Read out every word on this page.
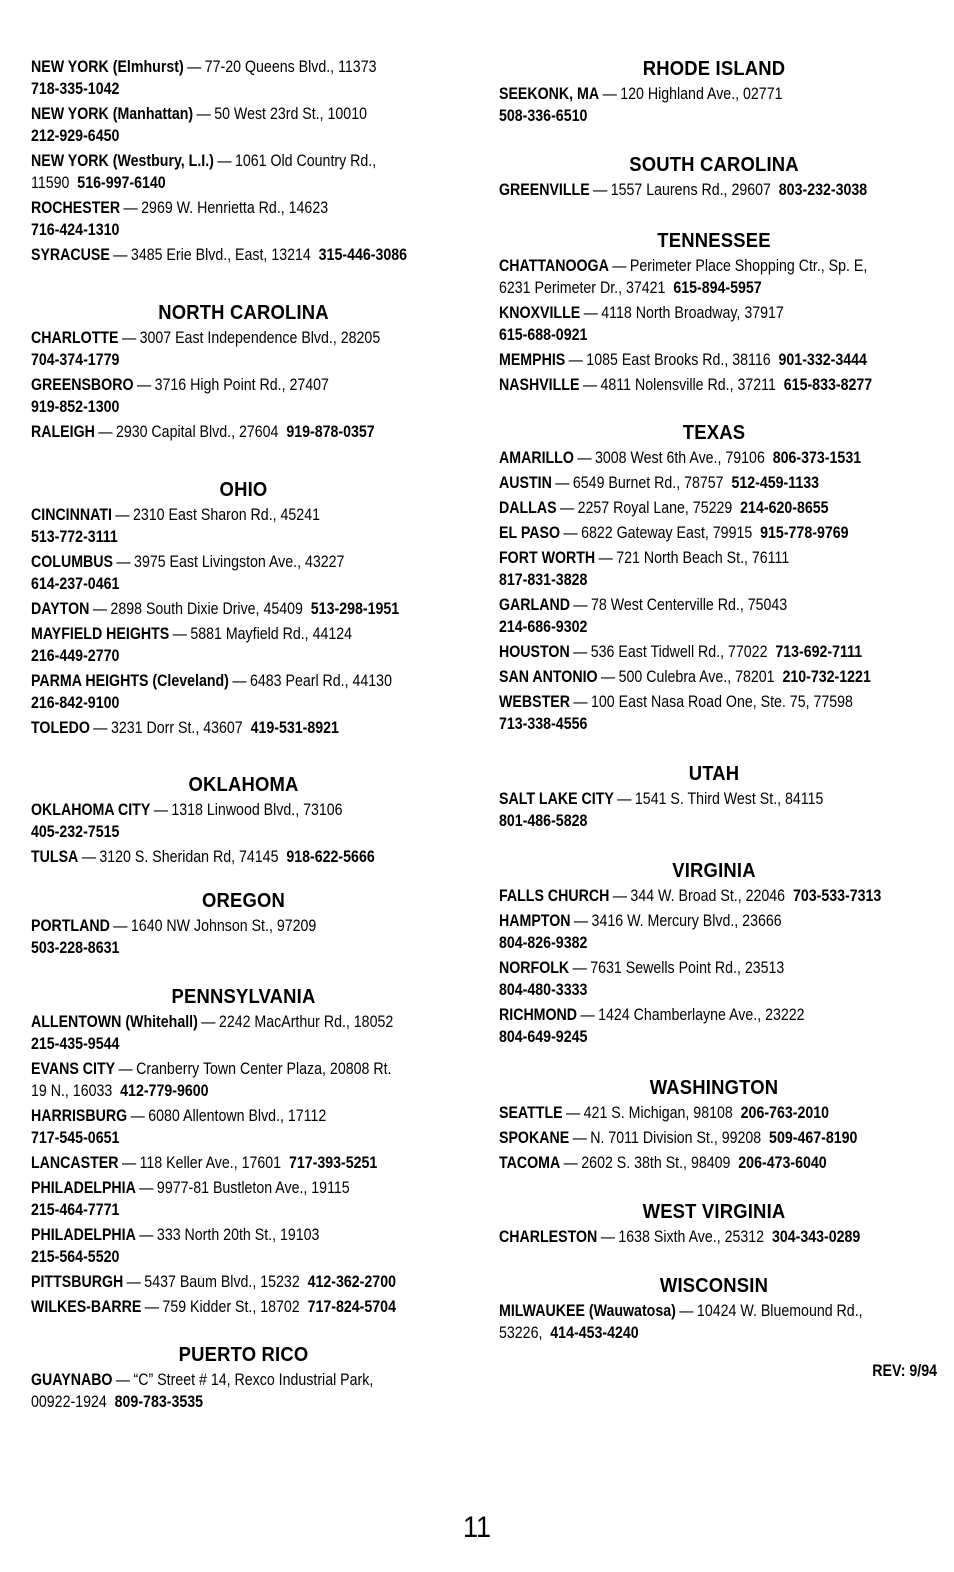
NEW YORK (Elmhurst) — 77-20 Queens Blvd., 11373
718-335-1042
NEW YORK (Manhattan) — 50 West 23rd St., 10010
212-929-6450
NEW YORK (Westbury, L.I.) — 1061 Old Country Rd.,
11590 516-997-6140
ROCHESTER — 2969 W. Henrietta Rd., 14623
716-424-1310
SYRACUSE — 3485 Erie Blvd., East, 13214 315-446-3086
NORTH CAROLINA
CHARLOTTE — 3007 East Independence Blvd., 28205
704-374-1779
GREENSBORO — 3716 High Point Rd., 27407
919-852-1300
RALEIGH — 2930 Capital Blvd., 27604 919-878-0357
OHIO
CINCINNATI — 2310 East Sharon Rd., 45241
513-772-3111
COLUMBUS — 3975 East Livingston Ave., 43227
614-237-0461
DAYTON — 2898 South Dixie Drive, 45409 513-298-1951
MAYFIELD HEIGHTS — 5881 Mayfield Rd., 44124
216-449-2770
PARMA HEIGHTS (Cleveland) — 6483 Pearl Rd., 44130
216-842-9100
TOLEDO — 3231 Dorr St., 43607 419-531-8921
OKLAHOMA
OKLAHOMA CITY — 1318 Linwood Blvd., 73106
405-232-7515
TULSA — 3120 S. Sheridan Rd, 74145 918-622-5666
OREGON
PORTLAND — 1640 NW Johnson St., 97209
503-228-8631
PENNSYLVANIA
ALLENTOWN (Whitehall) — 2242 MacArthur Rd., 18052
215-435-9544
EVANS CITY — Cranberry Town Center Plaza, 20808 Rt.
19 N., 16033 412-779-9600
HARRISBURG — 6080 Allentown Blvd., 17112
717-545-0651
LANCASTER — 118 Keller Ave., 17601 717-393-5251
PHILADELPHIA — 9977-81 Bustleton Ave., 19115
215-464-7771
PHILADELPHIA — 333 North 20th St., 19103
215-564-5520
PITTSBURGH — 5437 Baum Blvd., 15232 412-362-2700
WILKES-BARRE — 759 Kidder St., 18702 717-824-5704
PUERTO RICO
GUAYNABO — “C” Street # 14, Rexco Industrial Park,
00922-1924 809-783-3535
RHODE ISLAND
SEEKONK, MA — 120 Highland Ave., 02771
508-336-6510
SOUTH CAROLINA
GREENVILLE — 1557 Laurens Rd., 29607 803-232-3038
TENNESSEE
CHATTANOOGA — Perimeter Place Shopping Ctr., Sp. E,
6231 Perimeter Dr., 37421 615-894-5957
KNOXVILLE — 4118 North Broadway, 37917
615-688-0921
MEMPHIS — 1085 East Brooks Rd., 38116 901-332-3444
NASHVILLE — 4811 Nolensville Rd., 37211 615-833-8277
TEXAS
AMARILLO — 3008 West 6th Ave., 79106 806-373-1531
AUSTIN — 6549 Burnet Rd., 78757 512-459-1133
DALLAS — 2257 Royal Lane, 75229 214-620-8655
EL PASO — 6822 Gateway East, 79915 915-778-9769
FORT WORTH — 721 North Beach St., 76111
817-831-3828
GARLAND — 78 West Centerville Rd., 75043
214-686-9302
HOUSTON — 536 East Tidwell Rd., 77022 713-692-7111
SAN ANTONIO — 500 Culebra Ave., 78201 210-732-1221
WEBSTER — 100 East Nasa Road One, Ste. 75, 77598
713-338-4556
UTAH
SALT LAKE CITY — 1541 S. Third West St., 84115
801-486-5828
VIRGINIA
FALLS CHURCH — 344 W. Broad St., 22046 703-533-7313
HAMPTON — 3416 W. Mercury Blvd., 23666
804-826-9382
NORFOLK — 7631 Sewells Point Rd., 23513
804-480-3333
RICHMOND — 1424 Chamberlayne Ave., 23222
804-649-9245
WASHINGTON
SEATTLE — 421 S. Michigan, 98108 206-763-2010
SPOKANE — N. 7011 Division St., 99208 509-467-8190
TACOMA — 2602 S. 38th St., 98409 206-473-6040
WEST VIRGINIA
CHARLESTON — 1638 Sixth Ave., 25312 304-343-0289
WISCONSIN
MILWAUKEE (Wauwatosa) — 10424 W. Bluemound Rd.,
53226, 414-453-4240
REV: 9/94
11
